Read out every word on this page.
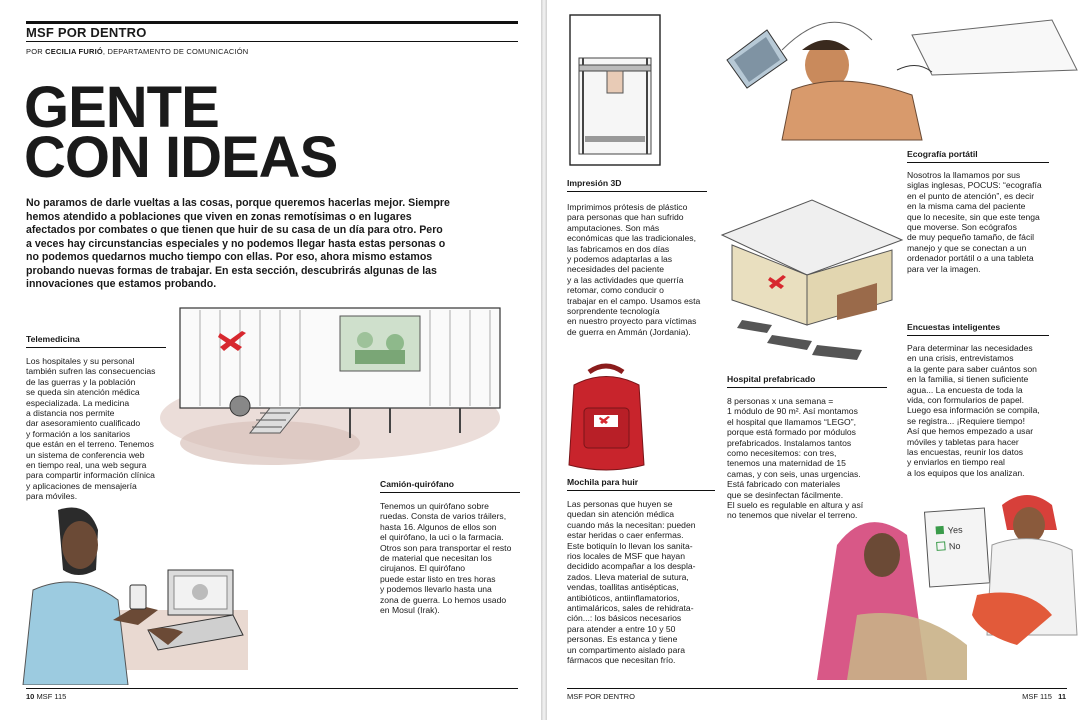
MSF POR DENTRO
POR CECILIA FURIÓ, DEPARTAMENTO DE COMUNICACIÓN
GENTE
CON IDEAS
No paramos de darle vueltas a las cosas, porque queremos hacerlas mejor. Siempre hemos atendido a poblaciones que viven en zonas remotísimas o en lugares afectados por combates o que tienen que huir de su casa de un día para otro. Pero a veces hay circunstancias especiales y no podemos llegar hasta estas personas o no podemos quedarnos mucho tiempo con ellas. Por eso, ahora mismo estamos probando nuevas formas de trabajar. En esta sección, descubrirás algunas de las innovaciones que estamos probando.
Telemedicina
Los hospitales y su personal
también sufren las consecuencias
de las guerras y la población
se queda sin atención médica
especializada. La medicina
a distancia nos permite
dar asesoramiento cualificado
y formación a los sanitarios
que están en el terreno. Tenemos
un sistema de conferencia web
en tiempo real, una web segura
para compartir información clínica
y aplicaciones de mensajería
para móviles.
Camión-quirófano
Tenemos un quirófano sobre
ruedas. Consta de varios tráilers,
hasta 16. Algunos de ellos son
el quirófano, la uci o la farmacia.
Otros son para transportar el resto
de material que necesitan los
cirujanos. El quirófano
puede estar listo en tres horas
y podemos llevarlo hasta una
zona de guerra. Lo hemos usado
en Mosul (Irak).
10 MSF 115
Impresión 3D
Imprimimos prótesis de plástico
para personas que han sufrido
amputaciones. Son más
económicas que las tradicionales,
las fabricamos en dos días
y podemos adaptarlas a las
necesidades del paciente
y a las actividades que querría
retomar, como conducir o
trabajar en el campo. Usamos esta
sorprendente tecnología
en nuestro proyecto para víctimas
de guerra en Ammán (Jordania).
Ecografía portátil
Nosotros la llamamos por sus
siglas inglesas, POCUS: “ecografía
en el punto de atención”, es decir
en la misma cama del paciente
que lo necesite, sin que este tenga
que moverse. Son ecógrafos
de muy pequeño tamaño, de fácil
manejo y que se conectan a un
ordenador portátil o a una tableta
para ver la imagen.
Encuestas inteligentes
Para determinar las necesidades
en una crisis, entrevistamos
a la gente para saber cuántos son
en la familia, si tienen suficiente
agua... La encuesta de toda la
vida, con formularios de papel.
Luego esa información se compila,
se registra... ¡Requiere tiempo!
Así que hemos empezado a usar
móviles y tabletas para hacer
las encuestas, reunir los datos
y enviarlos en tiempo real
a los equipos que los analizan.
Hospital prefabricado
8 personas x una semana =
1 módulo de 90 m². Así montamos
el hospital que llamamos “LEGO”,
porque está formado por módulos
prefabricados. Instalamos tantos
como necesitemos: con tres,
tenemos una maternidad de 15
camas, y con seis, unas urgencias.
Está fabricado con materiales
que se desinfectan fácilmente.
El suelo es regulable en altura y así
no tenemos que nivelar el terreno.
Mochila para huir
Las personas que huyen se
quedan sin atención médica
cuando más la necesitan: pueden
estar heridas o caer enfermas.
Este botiquín lo llevan los sanita-
rios locales de MSF que hayan
decidido acompañar a los despla-
zados. Lleva material de sutura,
vendas, toallitas antisépticas,
antibióticos, antiinflamatorios,
antimaláricos, sales de rehidrata-
ción...: los básicos necesarios
para atender a entre 10 y 50
personas. Es estanca y tiene
un compartimento aislado para
fármacos que necesitan frío.
Yes
No
MSF POR DENTRO	MSF 115 11
